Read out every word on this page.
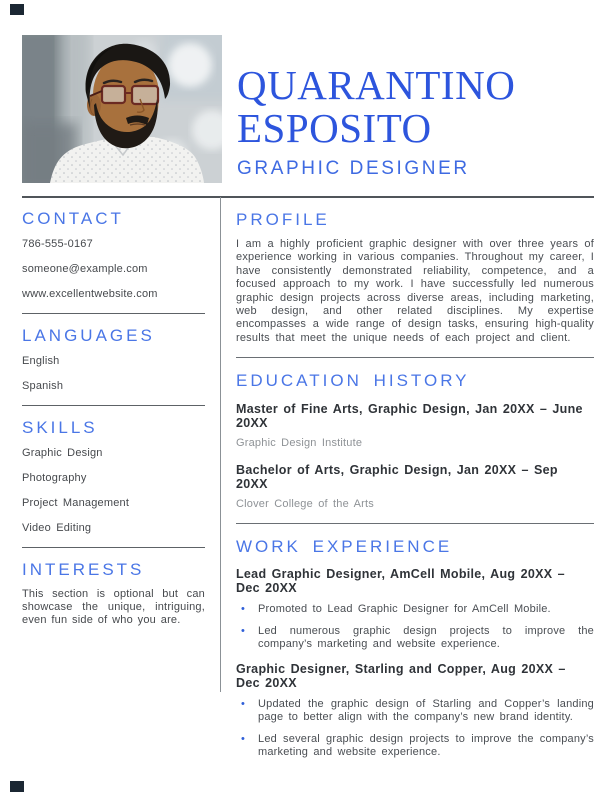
QUARANTINO
ESPOSITO
GRAPHIC DESIGNER
CONTACT
786-555-0167
someone@example.com
www.excellentwebsite.com
LANGUAGES
English
Spanish
SKILLS
Graphic Design
Photography
Project Management
Video Editing
INTERESTS
This section is optional but can showcase the unique, intriguing, even fun side of who you are.
PROFILE
I am a highly proficient graphic designer with over three years of experience working in various companies. Throughout my career, I have consistently demonstrated reliability, competence, and a focused approach to my work. I have successfully led numerous graphic design projects across diverse areas, including marketing, web design, and other related disciplines. My expertise encompasses a wide range of design tasks, ensuring high-quality results that meet the unique needs of each project and client.
EDUCATION HISTORY
Master of Fine Arts, Graphic Design, Jan 20XX – June 20XX
Graphic Design Institute
Bachelor of Arts, Graphic Design, Jan 20XX – Sep 20XX
Clover College of the Arts
WORK EXPERIENCE
Lead Graphic Designer, AmCell Mobile, Aug 20XX – Dec 20XX
•	Promoted to Lead Graphic Designer for AmCell Mobile.
•	Led numerous graphic design projects to improve the company’s marketing and website experience.
Graphic Designer, Starling and Copper, Aug 20XX – Dec 20XX
•	Updated the graphic design of Starling and Copper’s landing page to better align with the company’s new brand identity.
•	Led several graphic design projects to improve the company’s marketing and website experience.
